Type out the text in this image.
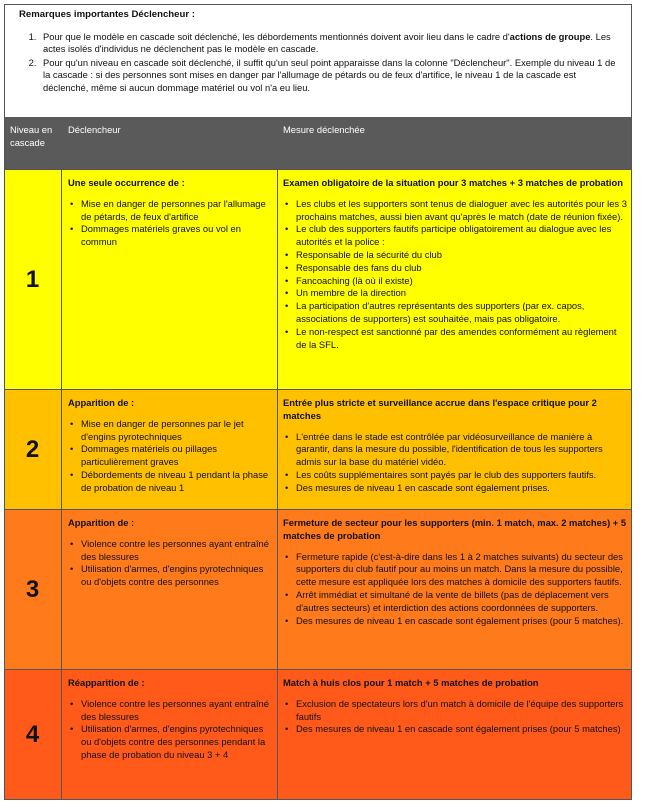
Remarques importantes Déclencheur :
1. Pour que le modèle en cascade soit déclenché, les débordements mentionnés doivent avoir lieu dans le cadre d'actions de groupe. Les actes isolés d'individus ne déclenchent pas le modèle en cascade.
2. Pour qu'un niveau en cascade soit déclenché, il suffit qu'un seul point apparaisse dans la colonne "Déclencheur". Exemple du niveau 1 de la cascade : si des personnes sont mises en danger par l'allumage de pétards ou de feux d'artifice, le niveau 1 de la cascade est déclenché, même si aucun dommage matériel ou vol n'a eu lieu.
Niveau en cascade
Déclencheur	Mesure déclenchée
1
Une seule occurrence de :
• Mise en danger de personnes par l'allumage de pétards, de feux d'artifice
• Dommages matériels graves ou vol en commun
Examen obligatoire de la situation pour 3 matches + 3 matches de probation
• Les clubs et les supporters sont tenus de dialoguer avec les autorités pour les 3 prochains matches, aussi bien avant qu'après le match (date de réunion fixée).
• Le club des supporters fautifs participe obligatoirement au dialogue avec les autorités et la police :
• Responsable de la sécurité du club
• Responsable des fans du club
• Fancoaching (là où il existe)
• Un membre de la direction
• La participation d'autres représentants des supporters (par ex. capos, associations de supporters) est souhaitée, mais pas obligatoire.
• Le non-respect est sanctionné par des amendes conformément au règlement de la SFL.
2
Apparition de :
• Mise en danger de personnes par le jet d'engins pyrotechniques
• Dommages matériels ou pillages particulièrement graves
• Débordements de niveau 1 pendant la phase de probation de niveau 1
Entrée plus stricte et surveillance accrue dans l'espace critique pour 2 matches
• L'entrée dans le stade est contrôlée par vidéosurveillance de manière à garantir, dans la mesure du possible, l'identification de tous les supporters admis sur la base du matériel vidéo.
• Les coûts supplémentaires sont payés par le club des supporters fautifs.
• Des mesures de niveau 1 en cascade sont également prises.
3
Apparition de :
• Violence contre les personnes ayant entraîné des blessures
• Utilisation d'armes, d'engins pyrotechniques ou d'objets contre des personnes
Fermeture de secteur pour les supporters (min. 1 match, max. 2 matches) + 5 matches de probation
• Fermeture rapide (c'est-à-dire dans les 1 à 2 matches suivants) du secteur des supporters du club fautif pour au moins un match. Dans la mesure du possible, cette mesure est appliquée lors des matches à domicile des supporters fautifs.
• Arrêt immédiat et simultané de la vente de billets (pas de déplacement vers d'autres secteurs) et interdiction des actions coordonnées de supporters.
• Des mesures de niveau 1 en cascade sont également prises (pour 5 matches).
4
Réapparition de :
• Violence contre les personnes ayant entraîné des blessures
• Utilisation d'armes, d'engins pyrotechniques ou d'objets contre des personnes pendant la phase de probation du niveau 3 + 4
Match à huis clos pour 1 match + 5 matches de probation
• Exclusion de spectateurs lors d'un match à domicile de l'équipe des supporters fautifs
• Des mesures de niveau 1 en cascade sont également prises (pour 5 matches)
